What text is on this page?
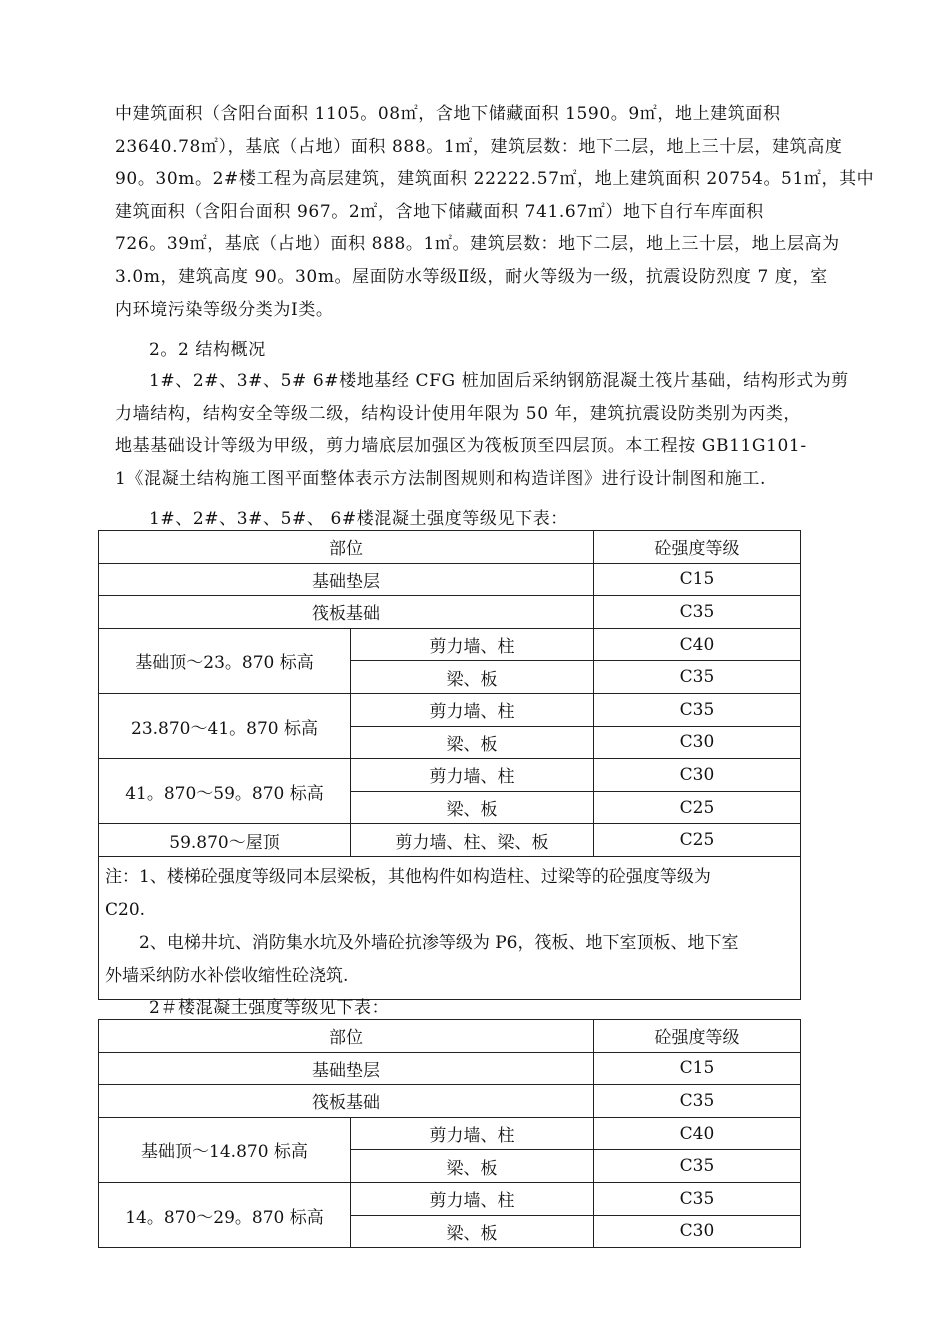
中建筑面积（含阳台面积 1105。08㎡，含地下储藏面积 1590。9㎡，地上建筑面积
23640.78㎡），基底（占地）面积 888。1㎡，建筑层数：地下二层，地上三十层，建筑高度
90。30m。2#楼工程为高层建筑，建筑面积 22222.57㎡，地上建筑面积 20754。51㎡，其中
建筑面积（含阳台面积 967。2㎡，含地下储藏面积 741.67㎡）地下自行车库面积
726。39㎡，基底（占地）面积 888。1㎡。建筑层数：地下二层，地上三十层，地上层高为
3.0m，建筑高度 90。30m。屋面防水等级Ⅱ级，耐火等级为一级，抗震设防烈度 7 度，室
内环境污染等级分类为Ⅰ类。
2。2 结构概况
1#、2#、3#、5# 6#楼地基经 CFG 桩加固后采纳钢筋混凝土筏片基础，结构形式为剪
力墙结构，结构安全等级二级，结构设计使用年限为 50 年，建筑抗震设防类别为丙类，
地基基础设计等级为甲级，剪力墙底层加强区为筏板顶至四层顶。本工程按 GB11G101-
1《混凝土结构施工图平面整体表示方法制图规则和构造详图》进行设计制图和施工.
1#、2#、3#、5#、 6#楼混凝土强度等级见下表：
部位		砼强度等级
基础垫层		C15
筏板基础		C35
基础顶～23。870 标高	剪力墙、柱	C40
	梁、板	C35
23.870～41。870 标高	剪力墙、柱	C35
	梁、板	C30
41。870～59。870 标高	剪力墙、柱	C30
	梁、板	C25
59.870～屋顶	剪力墙、柱、梁、板	C25

注：1、楼梯砼强度等级同本层梁板，其他构件如构造柱、过梁等的砼强度等级为
C20.
2、电梯井坑、消防集水坑及外墙砼抗渗等级为 P6，筏板、地下室顶板、地下室
外墙采纳防水补偿收缩性砼浇筑.		
2＃楼混凝土强度等级见下表：
部位		砼强度等级
基础垫层		C15
筏板基础		C35
基础顶～14.870 标高	剪力墙、柱	C40
	梁、板	C35
14。870～29。870 标高	剪力墙、柱	C35
	梁、板	C30
